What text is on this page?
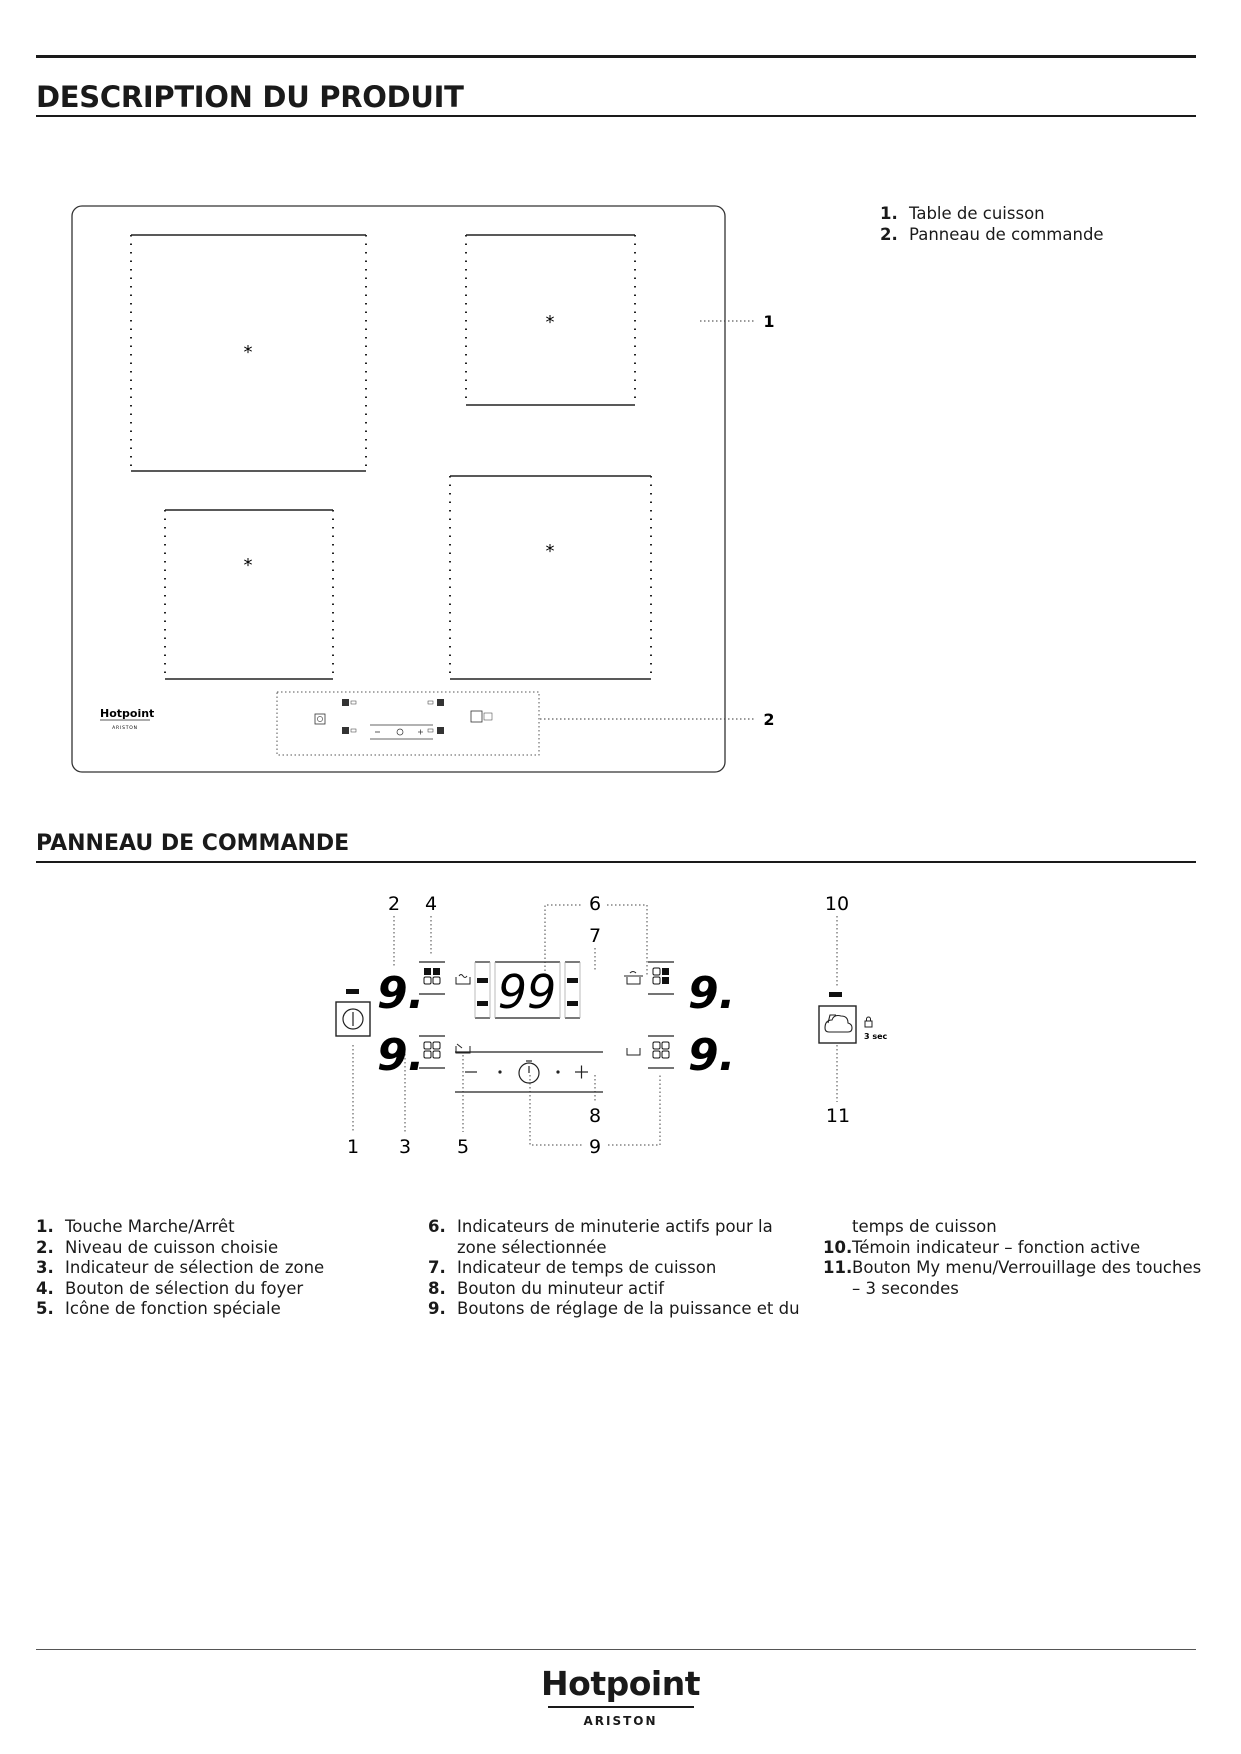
DESCRIPTION DU PRODUIT
*
*
*
*
Hotpoint
ARISTON
1
2
1. Table de cuisson
2. Panneau de commande
PANNEAU DE COMMANDE
2 4	6
7
10
9.
9.
99	9.
9.	3 sec
1 3 5
8
9
11
1. Touche Marche/Arrêt
2. Niveau de cuisson choisie
3. Indicateur de sélection de zone
4. Bouton de sélection du foyer
5. Icône de fonction spéciale
6. Indicateurs de minuterie actifs pour la zone sélectionnée
7. Indicateur de temps de cuisson
8. Bouton du minuteur actif
9. Boutons de réglage de la puissance et du
temps de cuisson
10. Témoin indicateur – fonction active
11. Bouton My menu/Verrouillage des touches – 3 secondes
Hotpoint
ARISTON
